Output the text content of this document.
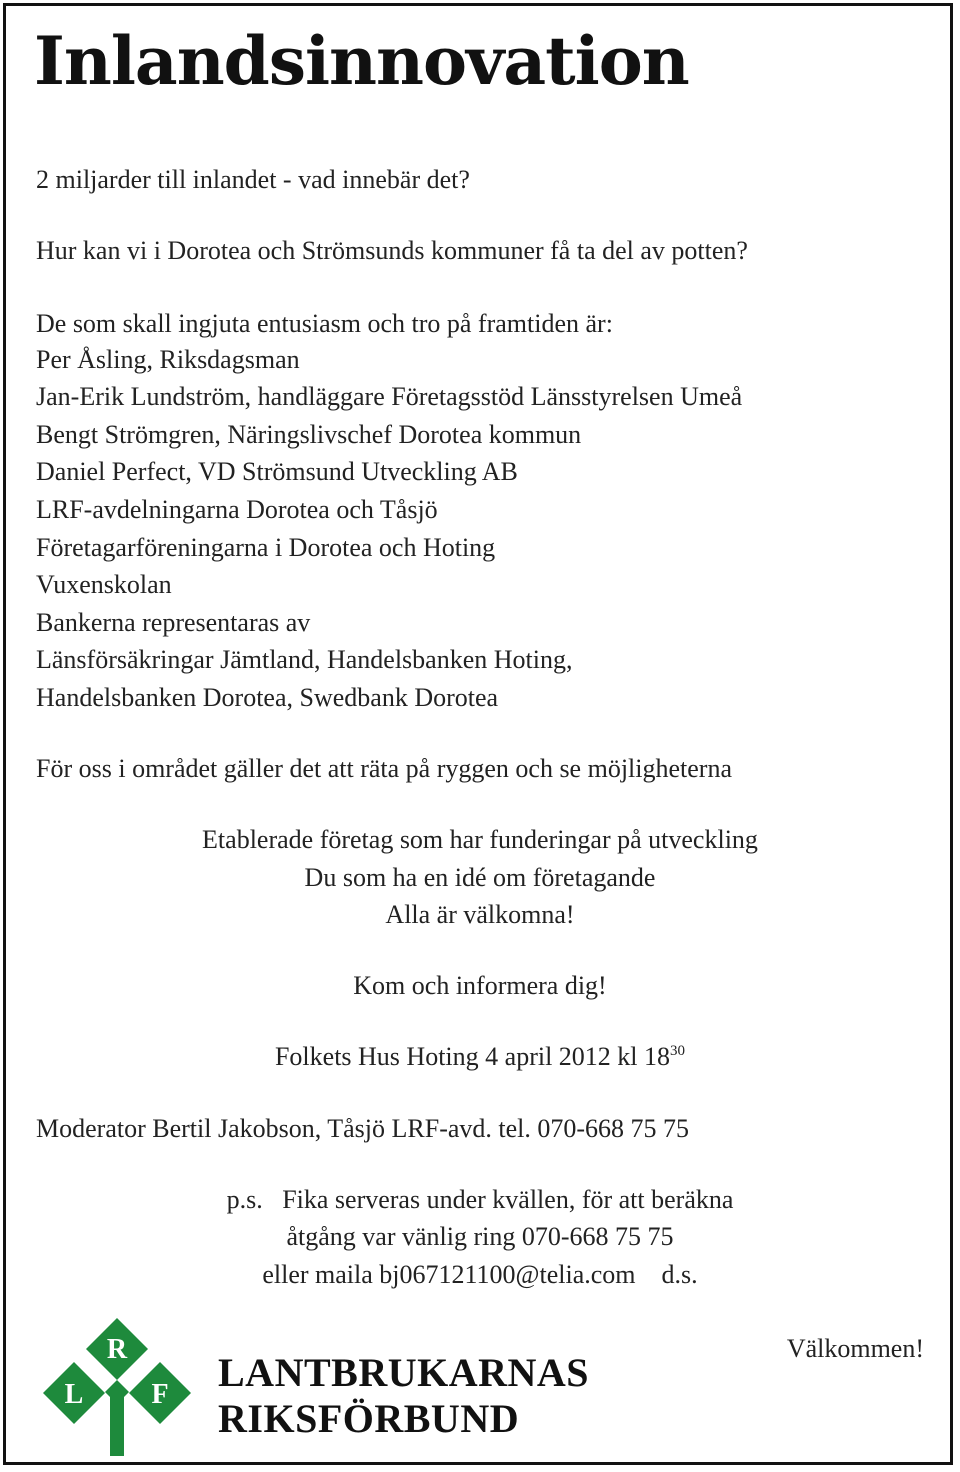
Inlandsinnovation

2 miljarder till inlandet - vad innebär det?

Hur kan vi i Dorotea och Strömsunds kommuner få ta del av potten?

De som skall ingjuta entusiasm och tro på framtiden är:

Per Åsling, Riksdagsman

Jan-Erik Lundström, handläggare Företagsstöd Länsstyrelsen Umeå

Bengt Strömgren, Näringslivschef Dorotea kommun

Daniel Perfect, VD Strömsund Utveckling AB

LRF-avdelningarna Dorotea och Tåsjö

Företagarföreningarna i Dorotea och Hoting

Vuxenskolan

Bankerna representaras av

Länsförsäkringar Jämtland, Handelsbanken Hoting,

Handelsbanken Dorotea, Swedbank Dorotea

För oss i området gäller det att räta på ryggen och se möjligheterna

Etablerade företag som har funderingar på utveckling

Du som ha en idé om företagande

Alla är välkomna!

Kom och informera dig!

Folkets Hus Hoting 4 april 2012 kl $18^{30}$

Moderator Bertil Jakobson, Tåsjö LRF-avd. tel. 070-668 75 75

p.s.   Fika serveras under kvällen, för att beräkna

åtgång var vänlig ring 070-668 75 75

eller maila bj067121100@telia.com    d.s.

Välkommen!

R
L F LANTBRUKARNAS

RIKSFÖRBUND
